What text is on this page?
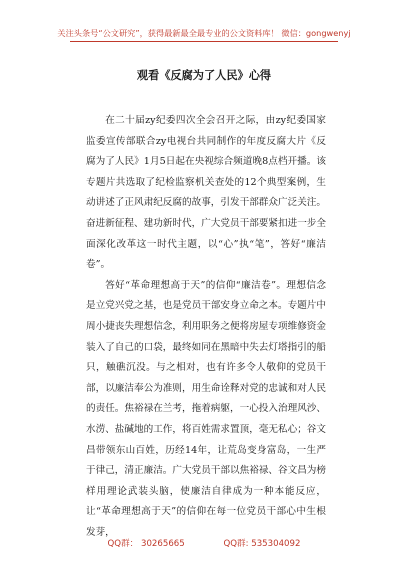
关注头条号“公文研究”，获得最新最全最专业的公文资料库！ 微信：gongwenyj
观看《反腐为了人民》心得

在二十届zy纪委四次全会召开之际，由zy纪委国家监委宣传部联合zy电视台共同制作的年度反腐大片《反腐为了人民》1月5日起在央视综合频道晚8点档开播。该专题片共选取了纪检监察机关查处的12个典型案例，生动讲述了正风肃纪反腐的故事，引发干部群众广泛关注。奋进新征程、建功新时代，广大党员干部要紧扣进一步全面深化改革这一时代主题，以“心”执“笔”，答好“廉洁卷”。

答好“革命理想高于天”的信仰“廉洁卷”。理想信念是立党兴党之基，也是党员干部安身立命之本。专题片中周小捷丧失理想信念，利用职务之便将房屋专项维修资金装入了自己的口袋，最终如同在黑暗中失去灯塔指引的船只，触礁沉没。与之相对，也有许多令人敬仰的党员干部，以廉洁奉公为准则，用生命诠释对党的忠诚和对人民的责任。焦裕禄在兰考，拖着病躯，一心投入治理风沙、水涝、盐碱地的工作，将百姓需求置顶，毫无私心；谷文昌带领东山百姓，历经14年，让荒岛变身富岛，一生严于律己，清正廉洁。广大党员干部以焦裕禄、谷文昌为榜样用理论武装头脑，使廉洁自律成为一种本能反应，让“革命理想高于天”的信仰在每一位党员干部心中生根发芽，

QQ群： 30265665	QQ群: 535304092
